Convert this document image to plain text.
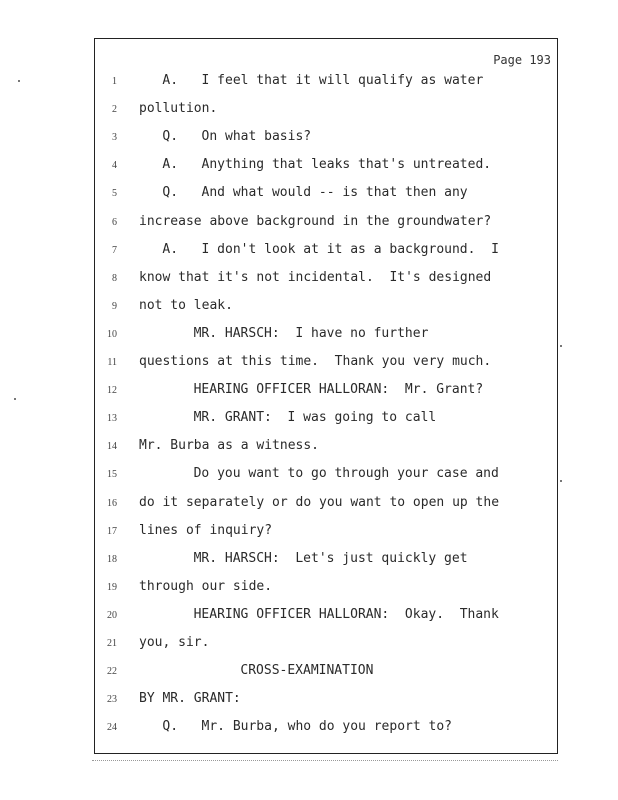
Page 193
1	A.   I feel that it will qualify as water
2 pollution.
3	Q.   On what basis?
4	A.   Anything that leaks that's untreated.
5	Q.   And what would -- is that then any
6 increase above background in the groundwater?
7	A.   I don't look at it as a background.  I
8 know that it's not incidental.  It's designed
9 not to leak.
10	MR. HARSCH:  I have no further
11 questions at this time.  Thank you very much.
12	HEARING OFFICER HALLORAN:  Mr. Grant?
13	MR. GRANT:  I was going to call
14 Mr. Burba as a witness.
15	Do you want to go through your case and
16 do it separately or do you want to open up the
17 lines of inquiry?
18	MR. HARSCH:  Let's just quickly get
19 through our side.
20	HEARING OFFICER HALLORAN:  Okay.  Thank
21 you, sir.
22	CROSS-EXAMINATION
23 BY MR. GRANT:
24	Q.   Mr. Burba, who do you report to?
